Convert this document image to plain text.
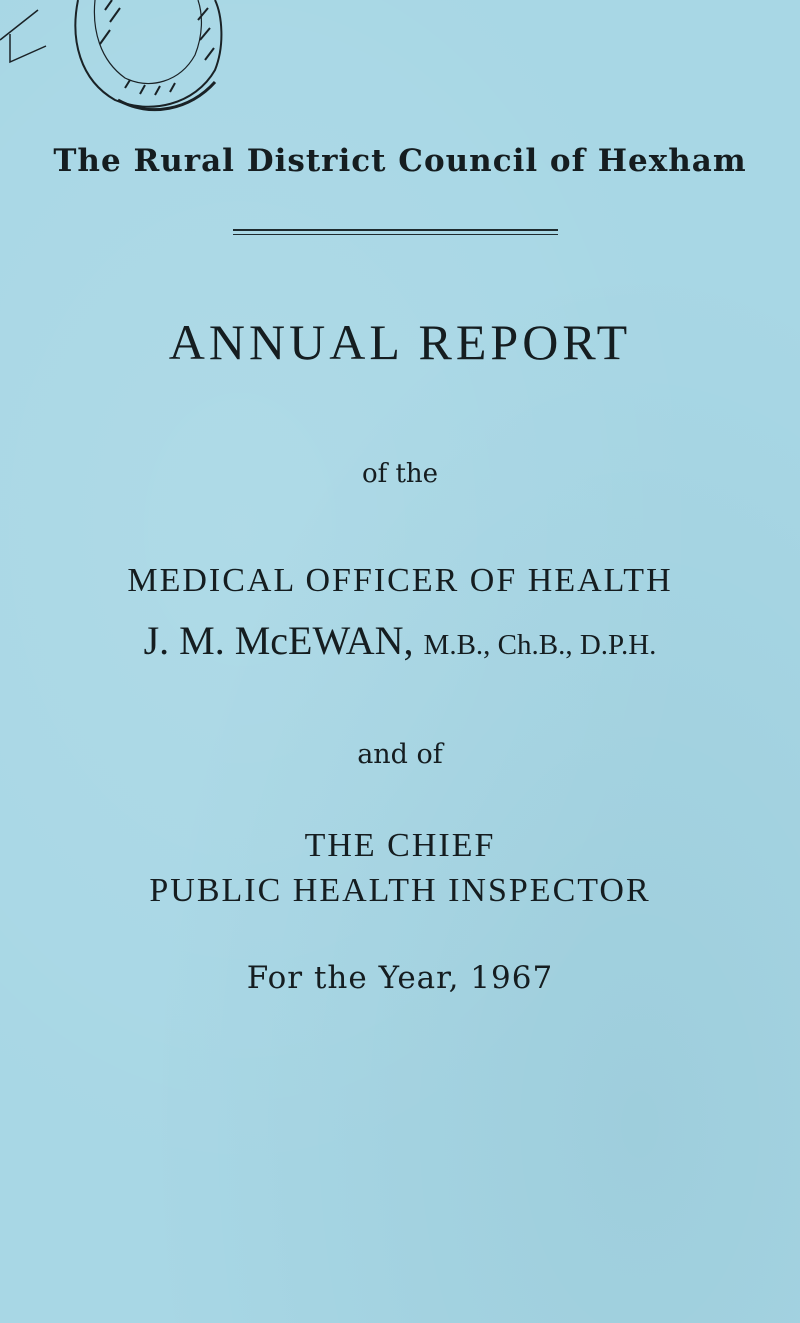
The Rural District Council of Hexham

ANNUAL REPORT

of the

MEDICAL OFFICER OF HEALTH

J. M. McEWAN, M.B., Ch.B., D.P.H.

and of

THE CHIEF

PUBLIC HEALTH INSPECTOR

For the Year, 1967
